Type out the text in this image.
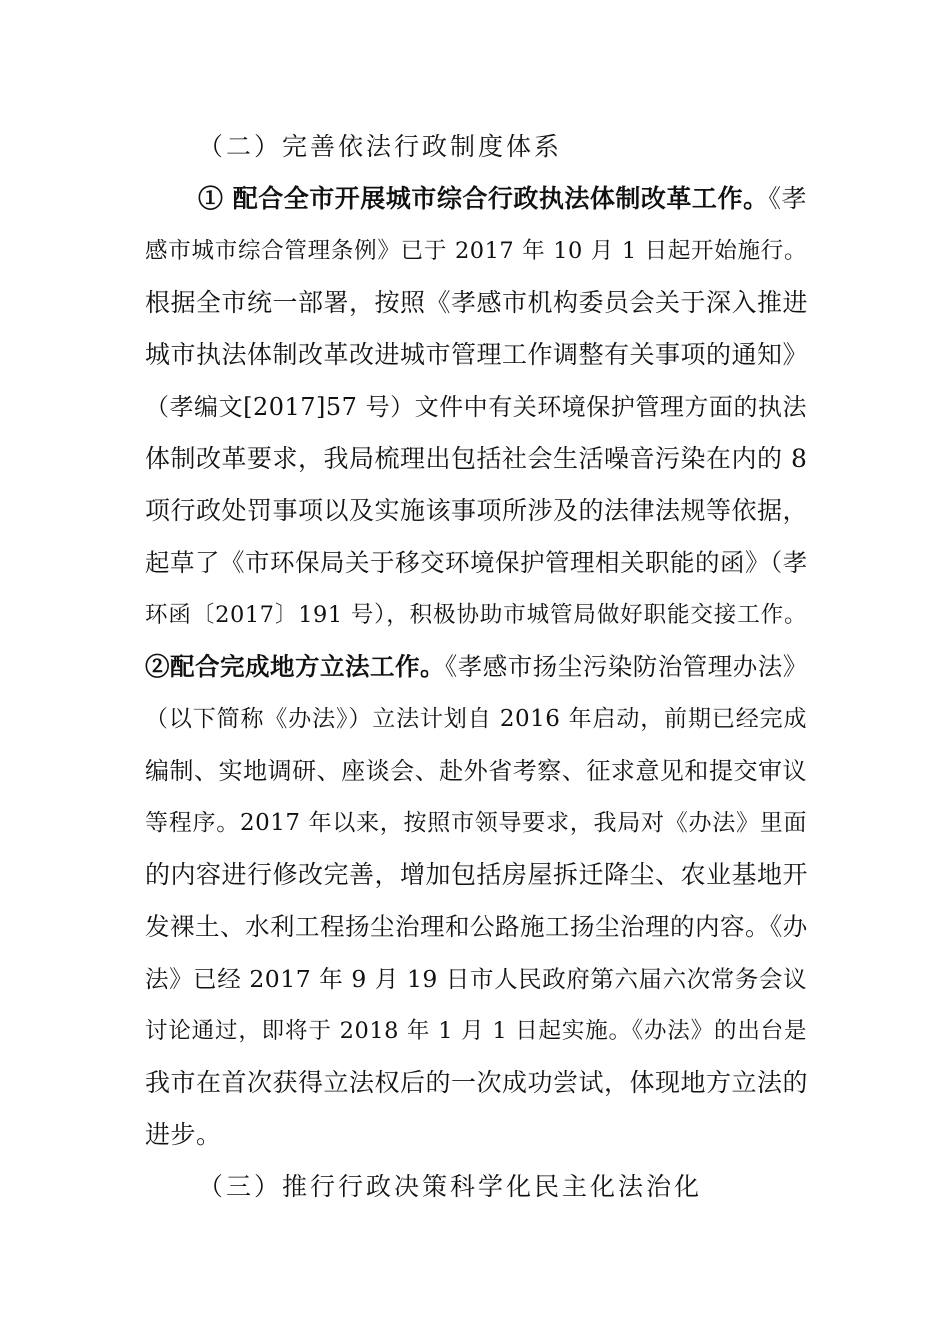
（二）完善依法行政制度体系
① 配合全市开展城市综合行政执法体制改革工作。《孝
感市城市综合管理条例》已于 2017 年 10 月 1 日起开始施行。
根据全市统一部署，按照《孝感市机构委员会关于深入推进
城市执法体制改革改进城市管理工作调整有关事项的通知》
（孝编文[2017]57 号）文件中有关环境保护管理方面的执法
体制改革要求，我局梳理出包括社会生活噪音污染在内的 8
项行政处罚事项以及实施该事项所涉及的法律法规等依据，
起草了《市环保局关于移交环境保护管理相关职能的函》（孝
环函〔2017〕191 号），积极协助市城管局做好职能交接工作。
②配合完成地方立法工作。《孝感市扬尘污染防治管理办法》
（以下简称《办法》）立法计划自 2016 年启动，前期已经完成
编制、实地调研、座谈会、赴外省考察、征求意见和提交审议
等程序。2017 年以来，按照市领导要求，我局对《办法》里面
的内容进行修改完善，增加包括房屋拆迁降尘、农业基地开
发裸土、水利工程扬尘治理和公路施工扬尘治理的内容。《办
法》已经 2017 年 9 月 19 日市人民政府第六届六次常务会议
讨论通过，即将于 2018 年 1 月 1 日起实施。《办法》的出台是
我市在首次获得立法权后的一次成功尝试，体现地方立法的
进步。
（三）推行行政决策科学化民主化法治化
